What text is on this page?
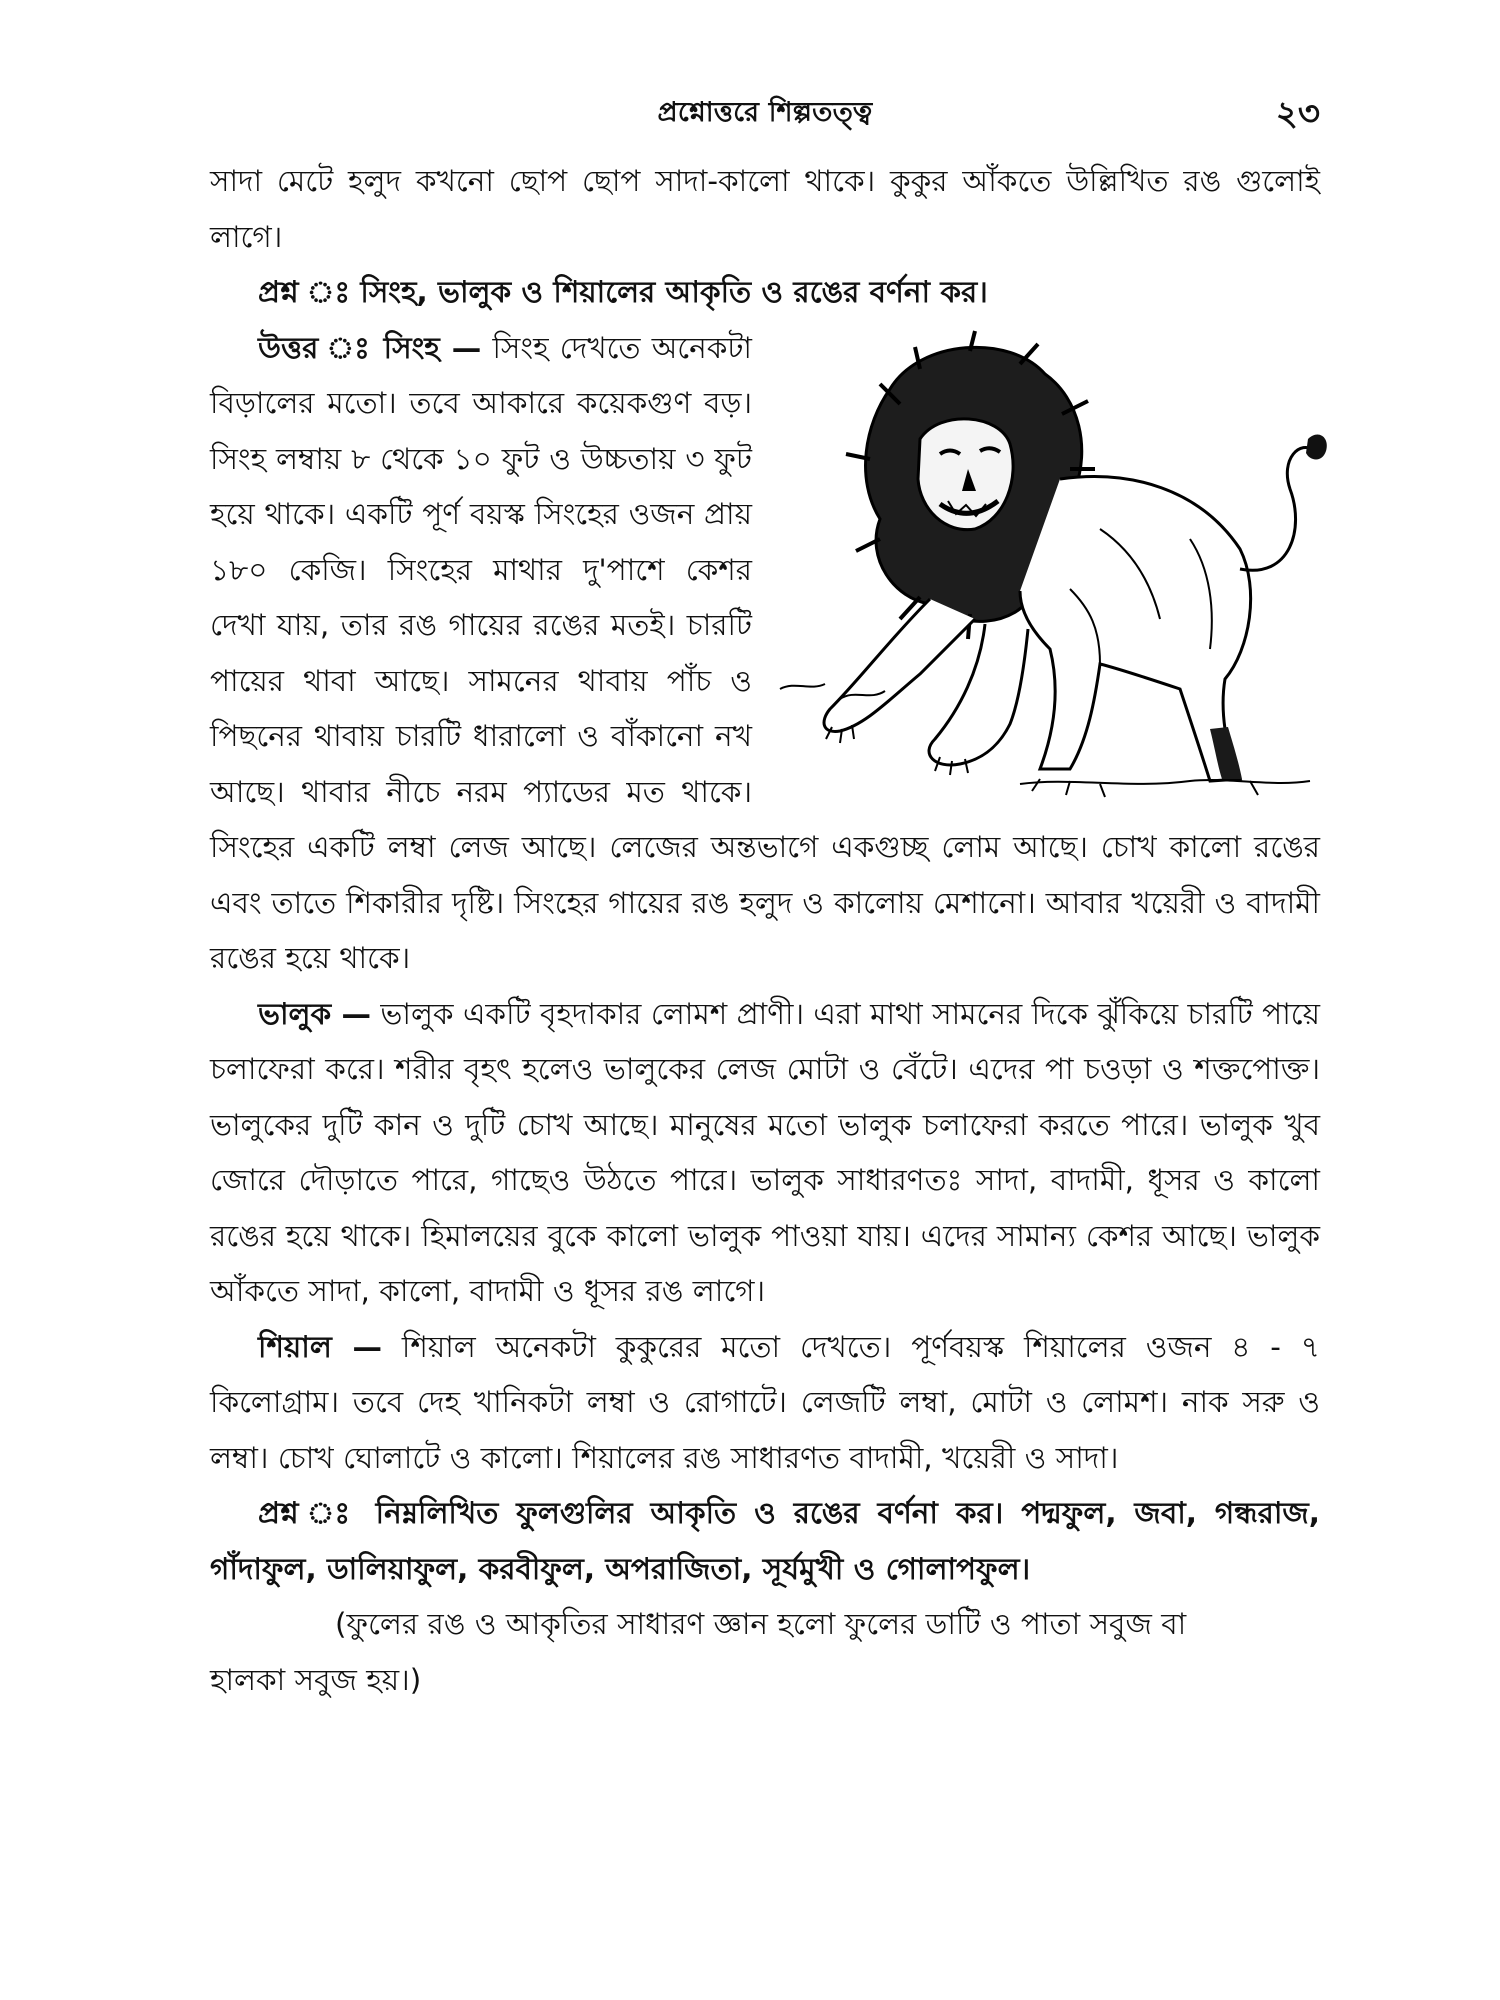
প্রশ্নোত্তরে শিল্পতত্ত্ব	২৩

সাদা মেটে হলুদ কখনো ছোপ ছোপ সাদা-কালো থাকে। কুকুর আঁকতে উল্লিখিত রঙ গুলোই লাগে।

প্রশ্ন ঃ সিংহ, ভালুক ও শিয়ালের আকৃতি ও রঙের বর্ণনা কর।

উত্তর ঃ সিংহ — সিংহ দেখতে অনেকটা বিড়ালের মতো। তবে আকারে কয়েকগুণ বড়। সিংহ লম্বায় ৮ থেকে ১০ ফুট ও উচ্চতায় ৩ ফুট হয়ে থাকে। একটি পূর্ণ বয়স্ক সিংহের ওজন প্রায় ১৮০ কেজি। সিংহের মাথার দু'পাশে কেশর দেখা যায়, তার রঙ গায়ের রঙের মতই। চারটি পায়ের থাবা আছে। সামনের থাবায় পাঁচ ও পিছনের থাবায় চারটি ধারালো ও বাঁকানো নখ আছে। থাবার নীচে নরম প্যাডের মত থাকে। সিংহের একটি লম্বা লেজ আছে। লেজের অন্তভাগে একগুচ্ছ লোম আছে। চোখ কালো রঙের এবং তাতে শিকারীর দৃষ্টি। সিংহের গায়ের রঙ হলুদ ও কালোয় মেশানো। আবার খয়েরী ও বাদামী রঙের হয়ে থাকে।

ভালুক — ভালুক একটি বৃহদাকার লোমশ প্রাণী। এরা মাথা সামনের দিকে ঝুঁকিয়ে চারটি পায়ে চলাফেরা করে। শরীর বৃহৎ হলেও ভালুকের লেজ মোটা ও বেঁটে। এদের পা চওড়া ও শক্তপোক্ত। ভালুকের দুটি কান ও দুটি চোখ আছে। মানুষের মতো ভালুক চলাফেরা করতে পারে। ভালুক খুব জোরে দৌড়াতে পারে, গাছেও উঠতে পারে। ভালুক সাধারণতঃ সাদা, বাদামী, ধূসর ও কালো রঙের হয়ে থাকে। হিমালয়ের বুকে কালো ভালুক পাওয়া যায়। এদের সামান্য কেশর আছে। ভালুক আঁকতে সাদা, কালো, বাদামী ও ধূসর রঙ লাগে।

শিয়াল — শিয়াল অনেকটা কুকুরের মতো দেখতে। পূর্ণবয়স্ক শিয়ালের ওজন ৪ - ৭ কিলোগ্রাম। তবে দেহ খানিকটা লম্বা ও রোগাটে। লেজটি লম্বা, মোটা ও লোমশ। নাক সরু ও লম্বা। চোখ ঘোলাটে ও কালো। শিয়ালের রঙ সাধারণত বাদামী, খয়েরী ও সাদা।

প্রশ্ন ঃ নিম্নলিখিত ফুলগুলির আকৃতি ও রঙের বর্ণনা কর। পদ্মফুল, জবা, গন্ধরাজ, গাঁদাফুল, ডালিয়াফুল, করবীফুল, অপরাজিতা, সূর্যমুখী ও গোলাপফুল।

(ফুলের রঙ ও আকৃতির সাধারণ জ্ঞান হলো ফুলের ডাটি ও পাতা সবুজ বা

হালকা সবুজ হয়।)
